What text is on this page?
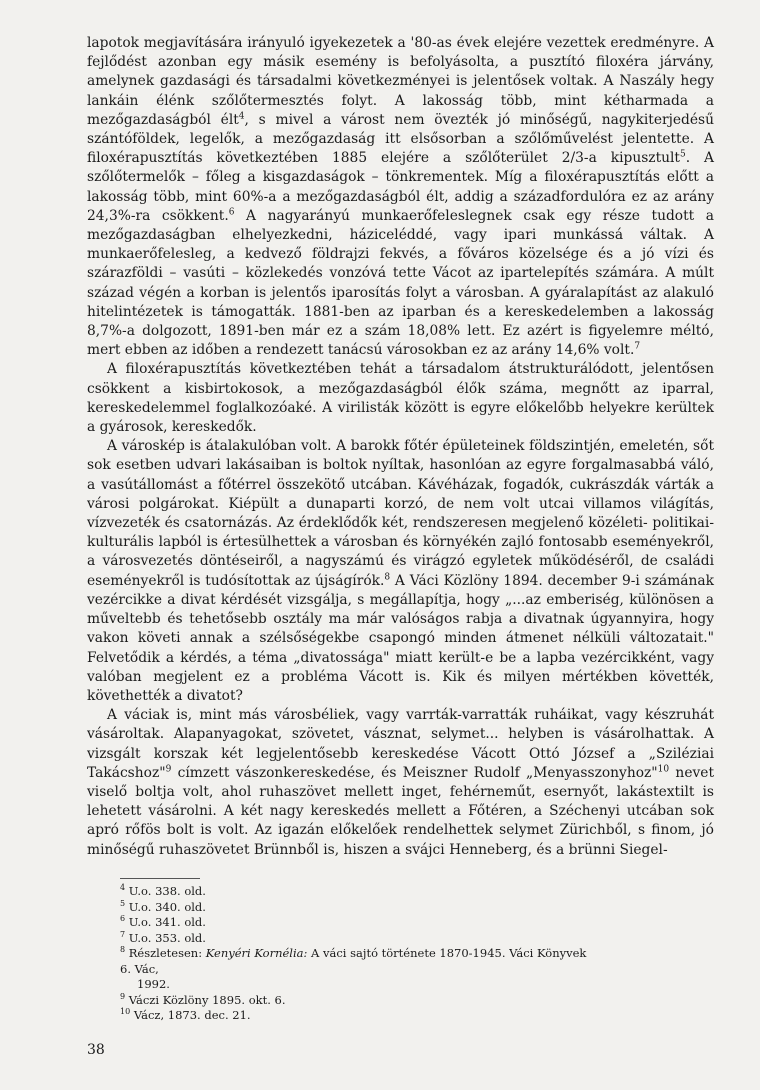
lapotok megjavítására irányuló igyekezetek a '80-as évek elejére vezettek eredményre. A fejlődést azonban egy másik esemény is befolyásolta, a pusztító filoxéra járvány, amelynek gazdasági és társadalmi következményei is jelentősek voltak. A Naszály hegy lankáin élénk szőlőtermesztés folyt. A lakosság több, mint kétharmada a mezőgazdaságból élt$^4$, s mivel a várost nem övezték jó minőségű, nagykiterjedésű szántóföldek, legelők, a mezőgazdaság itt elsősorban a szőlőművelést jelentette. A filoxérapusztítás következtében 1885 elejére a szőlőterület 2/3-a kipusztult$^5$. A szőlőtermelők – főleg a kisgazdaságok – tönkrementek. Míg a filoxérapusztítás előtt a lakosság több, mint 60%-a a mezőgazdaságból élt, addig a századfordulóra ez az arány 24,3%-ra csökkent.$^6$ A nagyarányú munkaerőfeleslegnek csak egy része tudott a mezőgazdaságban elhelyezkedni, háziceléddé, vagy ipari munkássá váltak. A munkaerőfelesleg, a kedvező földrajzi fekvés, a főváros közelsége és a jó vízi és szárazföldi – vasúti – közlekedés vonzóvá tette Vácot az ipartelepítés számára. A múlt század végén a korban is jelentős iparosítás folyt a városban. A gyáralapítást az alakuló hitelintézetek is támogatták. 1881-ben az iparban és a kereskedelemben a lakosság 8,7%-a dolgozott, 1891-ben már ez a szám 18,08% lett. Ez azért is figyelemre méltó, mert ebben az időben a rendezett tanácsú városokban ez az arány 14,6% volt.$^7$

A filoxérapusztítás következtében tehát a társadalom átstrukturálódott, jelentősen csökkent a kisbirtokosok, a mezőgazdaságból élők száma, megnőtt az iparral, kereskedelemmel foglalkozóaké. A virilisták között is egyre előkelőbb helyekre kerültek a gyárosok, kereskedők.

A városkép is átalakulóban volt. A barokk főtér épületeinek földszintjén, emeletén, sőt sok esetben udvari lakásaiban is boltok nyíltak, hasonlóan az egyre forgalmasabbá váló, a vasútállomást a főtérrel összekötő utcában. Kávéházak, fogadók, cukrászdák várták a városi polgárokat. Kiépült a dunaparti korzó, de nem volt utcai villamos világítás, vízvezeték és csatornázás. Az érdeklődők két, rendszeresen megjelenő közéleti- politikai- kulturális lapból is értesülhettek a városban és környékén zajló fontosabb eseményekről, a városvezetés döntéseiről, a nagyszámú és virágzó egyletek működéséről, de családi eseményekről is tudósítottak az újságírók.$^8$ A Váci Közlöny 1894. december 9-i számának vezércikke a divat kérdését vizsgálja, s megállapítja, hogy „...az emberiség, különösen a műveltebb és tehetősebb osztály ma már valóságos rabja a divatnak úgyannyira, hogy vakon követi annak a szélsőségekbe csapongó minden átmenet nélküli változatait." Felvetődik a kérdés, a téma „divatossága" miatt került-e be a lapba vezércikként, vagy valóban megjelent ez a probléma Vácott is. Kik és milyen mértékben követték, követhették a divatot?

A váciak is, mint más városbéliek, vagy varrták-varratták ruháikat, vagy készruhát vásároltak. Alapanyagokat, szövetet, vásznat, selymet... helyben is vásárolhattak. A vizsgált korszak két legjelentősebb kereskedése Vácott Ottó József a „Sziléziai Takácshoz"$^9$ címzett vászonkereskedése, és Meiszner Rudolf „Menyasszonyhoz"$^{10}$ nevet viselő boltja volt, ahol ruhaszövet mellett inget, fehérneműt, esernyőt, lakástextilt is lehetett vásárolni. A két nagy kereskedés mellett a Főtéren, a Széchenyi utcában sok apró rőfös bolt is volt. Az igazán előkelőek rendelhettek selymet Zürichből, s finom, jó minőségű ruhaszövetet Brünnből is, hiszen a svájci Henneberg, és a brünni Siegel-

$^4$ U.o. 338. old.

$^5$ U.o. 340. old.

$^6$ U.o. 341. old.

$^7$ U.o. 353. old.

$^8$ Részletesen: Kenyéri Kornélia: A váci sajtó története 1870-1945. Váci Könyvek 6. Vác,
1992.

$^9$ Váczi Közlöny 1895. okt. 6.

$^{10}$ Vácz, 1873. dec. 21.

38
